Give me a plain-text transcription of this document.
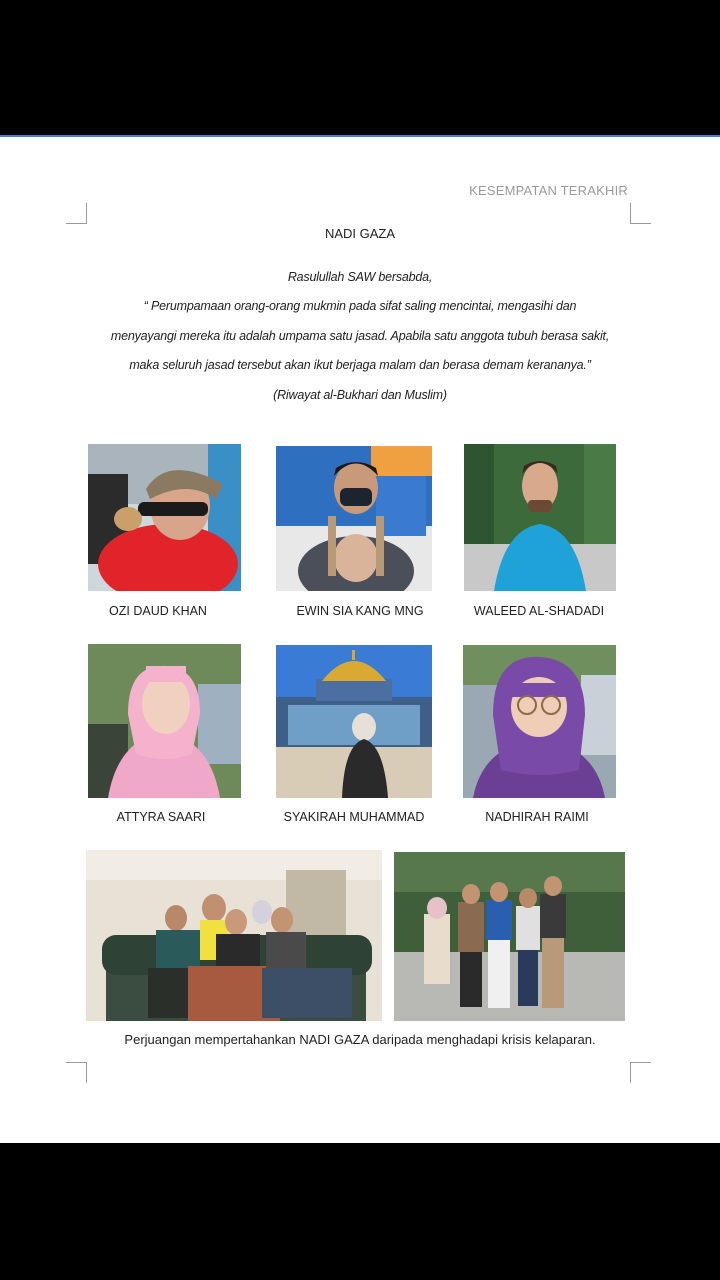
KESEMPATAN TERAKHIR
NADI GAZA
Rasulullah SAW bersabda,
“ Perumpamaan orang-orang mukmin pada sifat saling mencintai, mengasihi dan
menyayangi mereka itu adalah umpama satu jasad. Apabila satu anggota tubuh berasa sakit,
maka seluruh jasad tersebut akan ikut berjaga malam dan berasa demam kerananya.”
(Riwayat al-Bukhari dan Muslim)
OZI DAUD KHAN	EWIN SIA KANG MNG	WALEED AL-SHADADI
ATTYRA SAARI	SYAKIRAH MUHAMMAD	NADHIRAH RAIMI
Perjuangan mempertahankan NADI GAZA daripada menghadapi krisis kelaparan.
